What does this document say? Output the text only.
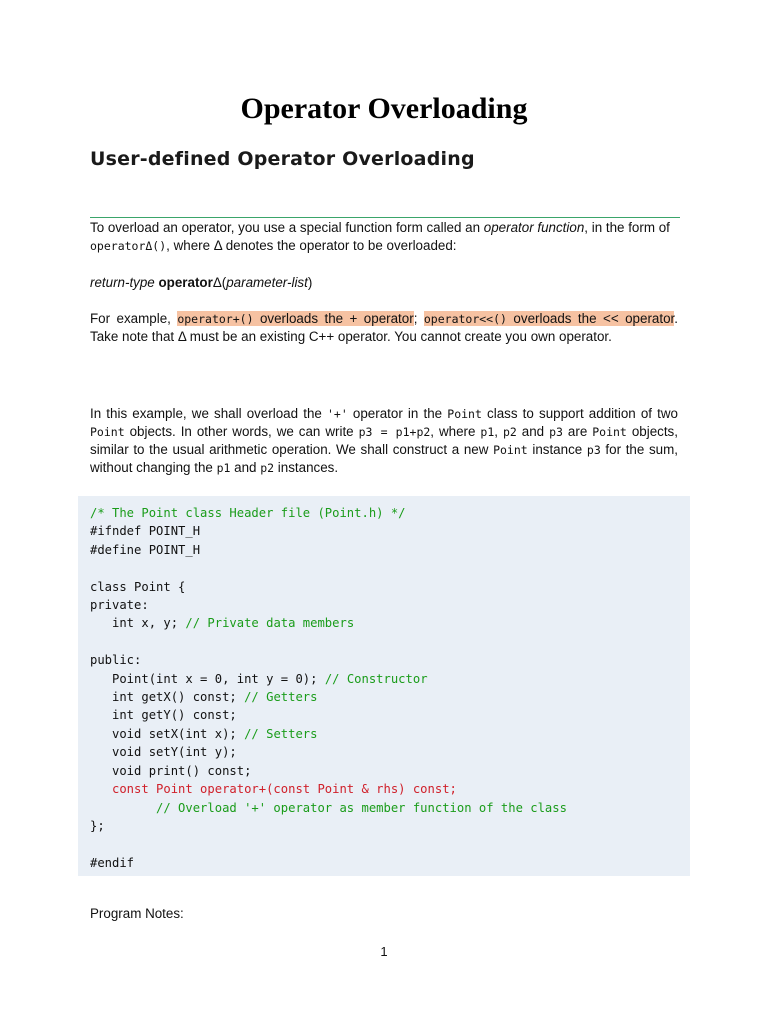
Operator Overloading
User-defined Operator Overloading

To overload an operator, you use a special function form called an operator function, in the form of operatorΔ(), where Δ denotes the operator to be overloaded:

return-type operatorΔ(parameter-list)

For example, operator+() overloads the + operator; operator<<() overloads the << operator. Take note that Δ must be an existing C++ operator. You cannot create you own operator.

In this example, we shall overload the '+' operator in the Point class to support addition of two Point objects. In other words, we can write p3 = p1+p2, where p1, p2 and p3 are Point objects, similar to the usual arithmetic operation. We shall construct a new Point instance p3 for the sum, without changing the p1 and p2 instances.

/* The Point class Header file (Point.h) */
#ifndef POINT_H
#define POINT_H

class Point {
private:
int x, y; // Private data members

public:
Point(int x = 0, int y = 0); // Constructor
int getX() const; // Getters
int getY() const;
void setX(int x); // Setters
void setY(int y);
void print() const;
const Point operator+(const Point & rhs) const;
// Overload '+' operator as member function of the class
};

#endif

Program Notes:

1
